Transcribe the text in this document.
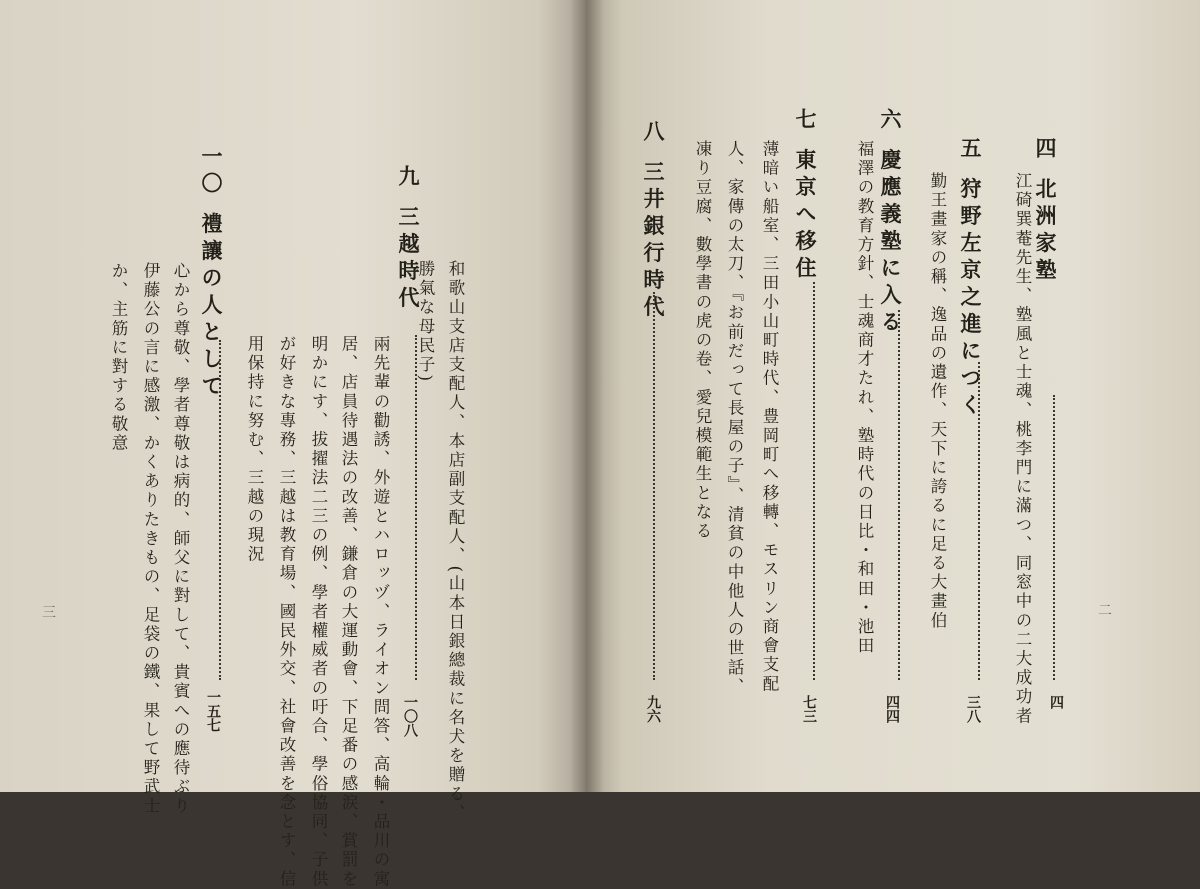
四 北洲家塾
四
江碕巽菴先生、塾風と士魂、桃李門に滿つ、同窓中の二大成功者
五 狩野左京之進につく
三八
勤王畫家の稱、逸品の遺作、天下に誇るに足る大畫伯
六 慶應義塾に入る
四四
福澤の教育方針、士魂商才たれ、塾時代の日比・和田・池田
七 東京へ移住
七三
薄暗い船室、三田小山町時代、豊岡町へ移轉、モスリン商會支配
人、家傳の太刀、『お前だって長屋の子』、清貧の中他人の世話、
凍り豆腐、數學書の虎の卷、愛兒模範生となる
八 三井銀行時代
九六
二
和歌山支店支配人、本店副支配人、(山本日銀總裁に名犬を贈る、
勝氣な母民子)
九 三越時代
一〇八
兩先輩の勸誘、外遊とハロッヅ、ライオン問答、高輪・品川の寓
居、店員待遇法の改善、鎌倉の大運動會、下足番の感涙、賞罰を
明かにす、拔擢法二三の例、學者權威者の吁合、學俗協同、子供
が好きな專務、三越は教育場、國民外交、社會改善を念とす、信
用保持に努む、三越の現況
一〇 禮讓の人として
一五七
心から尊敬、學者尊敬は病的、師父に對して、貴賓への應待ぶり
伊藤公の言に感激、かくありたきもの、足袋の鐵、果して野武士
か、主筋に對する敬意
三
